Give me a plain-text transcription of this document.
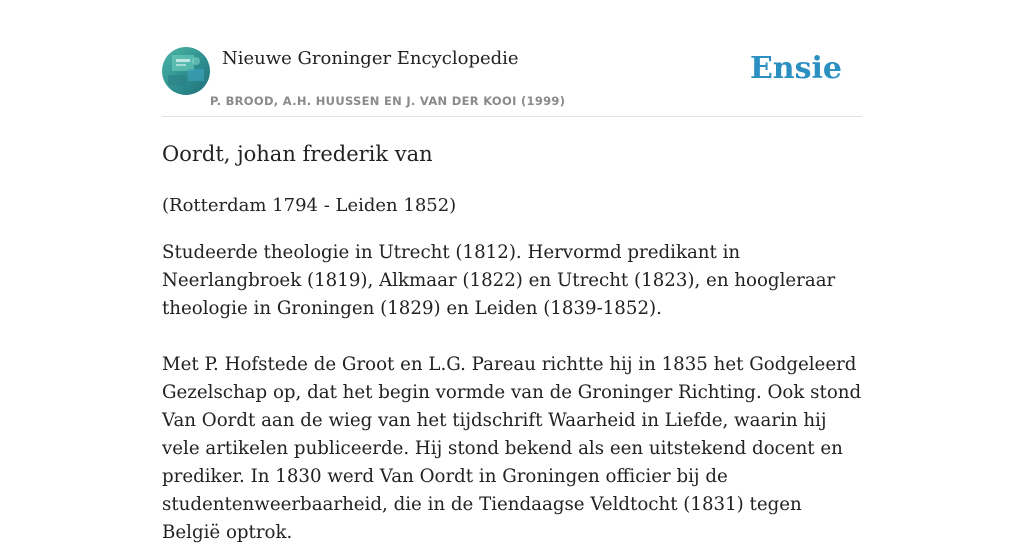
Nieuwe Groninger Encyclopedie
P. BROOD, A.H. HUUSSEN EN J. VAN DER KOOI (1999)
Ensie
Oordt, johan frederik van
(Rotterdam 1794 - Leiden 1852)

Studeerde theologie in Utrecht (1812). Hervormd predikant in Neerlangbroek (1819), Alkmaar (1822) en Utrecht (1823), en hoogleraar theologie in Groningen (1829) en Leiden (1839-1852).

Met P. Hofstede de Groot en L.G. Pareau richtte hij in 1835 het Godgeleerd Gezelschap op, dat het begin vormde van de Groninger Richting. Ook stond Van Oordt aan de wieg van het tijdschrift Waarheid in Liefde, waarin hij vele artikelen publiceerde. Hij stond bekend als een uitstekend docent en prediker. In 1830 werd Van Oordt in Groningen officier bij de studentenweerbaarheid, die in de Tiendaagse Veldtocht (1831) tegen België optrok.
